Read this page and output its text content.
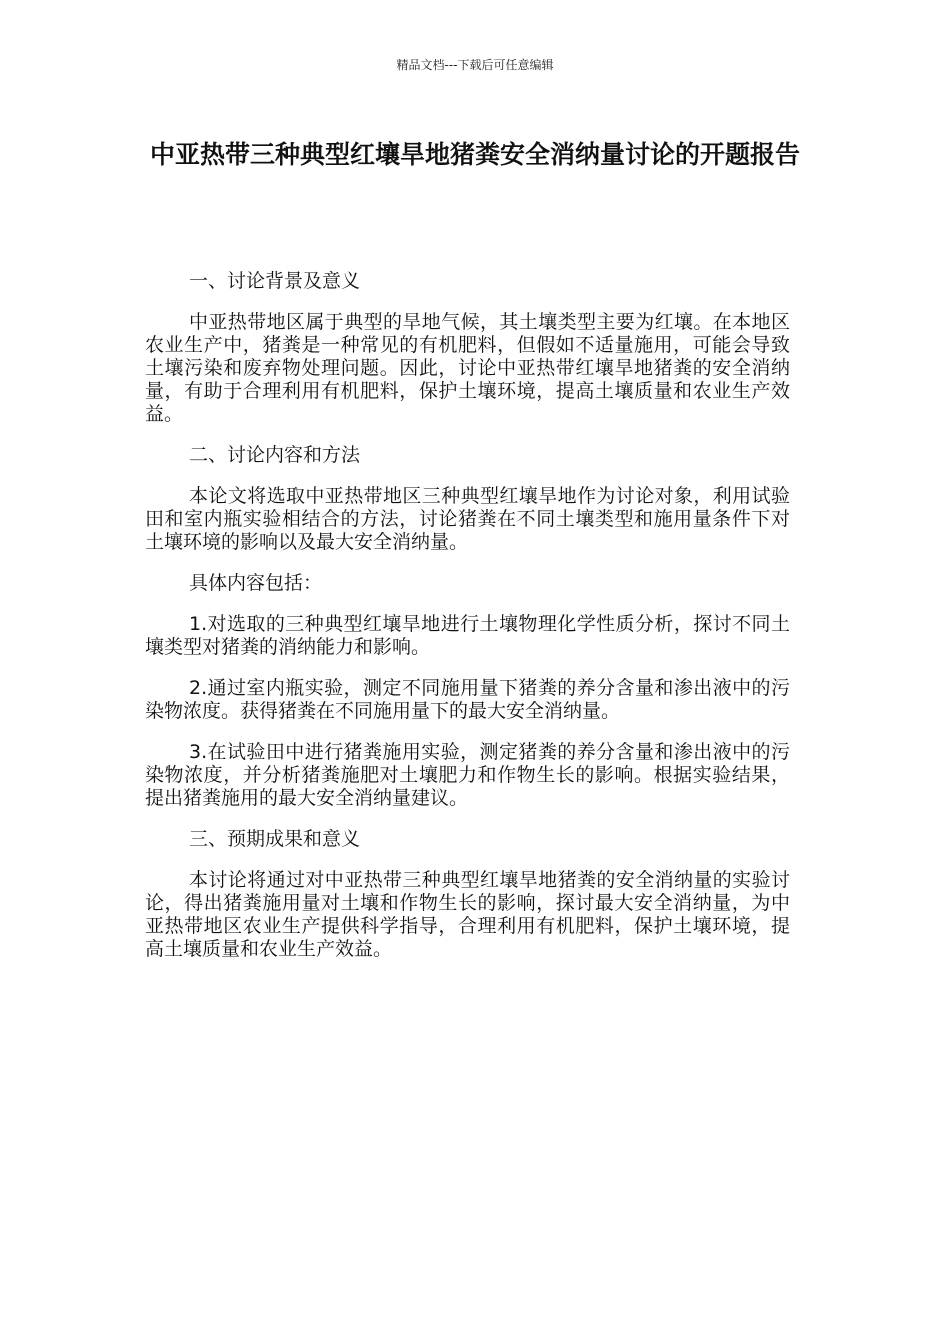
精品文档---下载后可任意编辑
中亚热带三种典型红壤旱地猪粪安全消纳量讨论的开题报告

一、讨论背景及意义

中亚热带地区属于典型的旱地气候，其土壤类型主要为红壤。在本地区农业生产中，猪粪是一种常见的有机肥料，但假如不适量施用，可能会导致土壤污染和废弃物处理问题。因此，讨论中亚热带红壤旱地猪粪的安全消纳量，有助于合理利用有机肥料，保护土壤环境，提高土壤质量和农业生产效益。

二、讨论内容和方法

本论文将选取中亚热带地区三种典型红壤旱地作为讨论对象，利用试验田和室内瓶实验相结合的方法，讨论猪粪在不同土壤类型和施用量条件下对土壤环境的影响以及最大安全消纳量。

具体内容包括：

1.对选取的三种典型红壤旱地进行土壤物理化学性质分析，探讨不同土壤类型对猪粪的消纳能力和影响。

2.通过室内瓶实验，测定不同施用量下猪粪的养分含量和渗出液中的污染物浓度。获得猪粪在不同施用量下的最大安全消纳量。

3.在试验田中进行猪粪施用实验，测定猪粪的养分含量和渗出液中的污染物浓度，并分析猪粪施肥对土壤肥力和作物生长的影响。根据实验结果，提出猪粪施用的最大安全消纳量建议。

三、预期成果和意义

本讨论将通过对中亚热带三种典型红壤旱地猪粪的安全消纳量的实验讨论，得出猪粪施用量对土壤和作物生长的影响，探讨最大安全消纳量，为中亚热带地区农业生产提供科学指导，合理利用有机肥料，保护土壤环境，提高土壤质量和农业生产效益。
